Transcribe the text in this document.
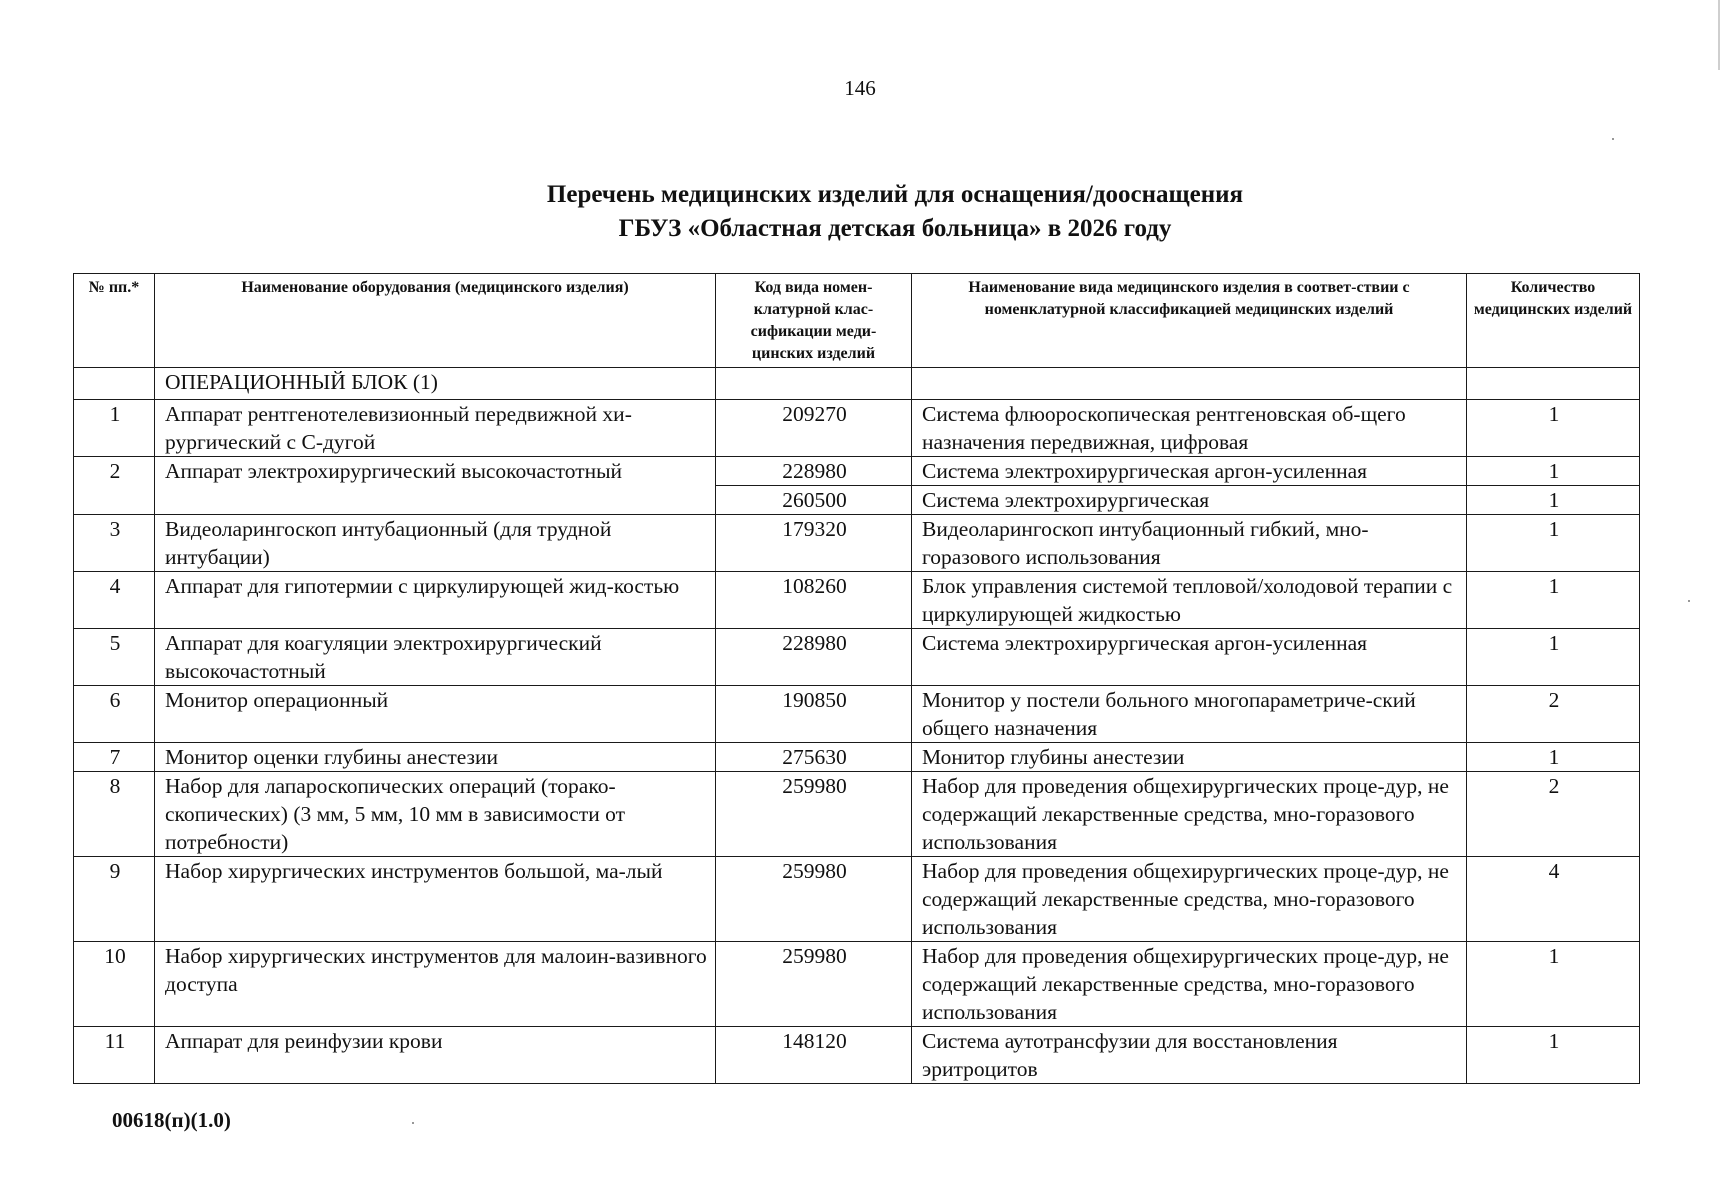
146
Перечень медицинских изделий для оснащения/дооснащения
ГБУЗ «Областная детская больница» в 2026 году
№ пп.*	Наименование оборудования (медицинского изделия)	Код вида номен-клатурной клас-сификации меди-цинских изделий	Наименование вида медицинского изделия в соответ-ствии с номенклатурной классификацией медицинских изделий	Количество медицинских изделий
	ОПЕРАЦИОННЫЙ БЛОК (1)			
1	Аппарат рентгенотелевизионный передвижной хи-рургический с С-дугой	209270	Система флюороскопическая рентгеновская об-щего назначения передвижная, цифровая	1
2	Аппарат электрохирургический высокочастотный	228980	Система электрохирургическая аргон-усиленная	1
		260500	Система электрохирургическая	1
3	Видеоларингоскоп интубационный (для трудной интубации)	179320	Видеоларингоскоп интубационный гибкий, мно-горазового использования	1
4	Аппарат для гипотермии с циркулирующей жид-костью	108260	Блок управления системой тепловой/холодовой терапии с циркулирующей жидкостью	1
5	Аппарат для коагуляции электрохирургический высокочастотный	228980	Система электрохирургическая аргон-усиленная	1
6	Монитор операционный	190850	Монитор у постели больного многопараметриче-ский общего назначения	2
7	Монитор оценки глубины анестезии	275630	Монитор глубины анестезии	1
8	Набор для лапароскопических операций (торако-скопических) (3 мм, 5 мм, 10 мм в зависимости от потребности)	259980	Набор для проведения общехирургических проце-дур, не содержащий лекарственные средства, мно-горазового использования	2
9	Набор хирургических инструментов большой, ма-лый	259980	Набор для проведения общехирургических проце-дур, не содержащий лекарственные средства, мно-горазового использования	4
10	Набор хирургических инструментов для малоин-вазивного доступа	259980	Набор для проведения общехирургических проце-дур, не содержащий лекарственные средства, мно-горазового использования	1
11	Аппарат для реинфузии крови	148120	Система аутотрансфузии для восстановления эритроцитов	1
00618(п)(1.0)
